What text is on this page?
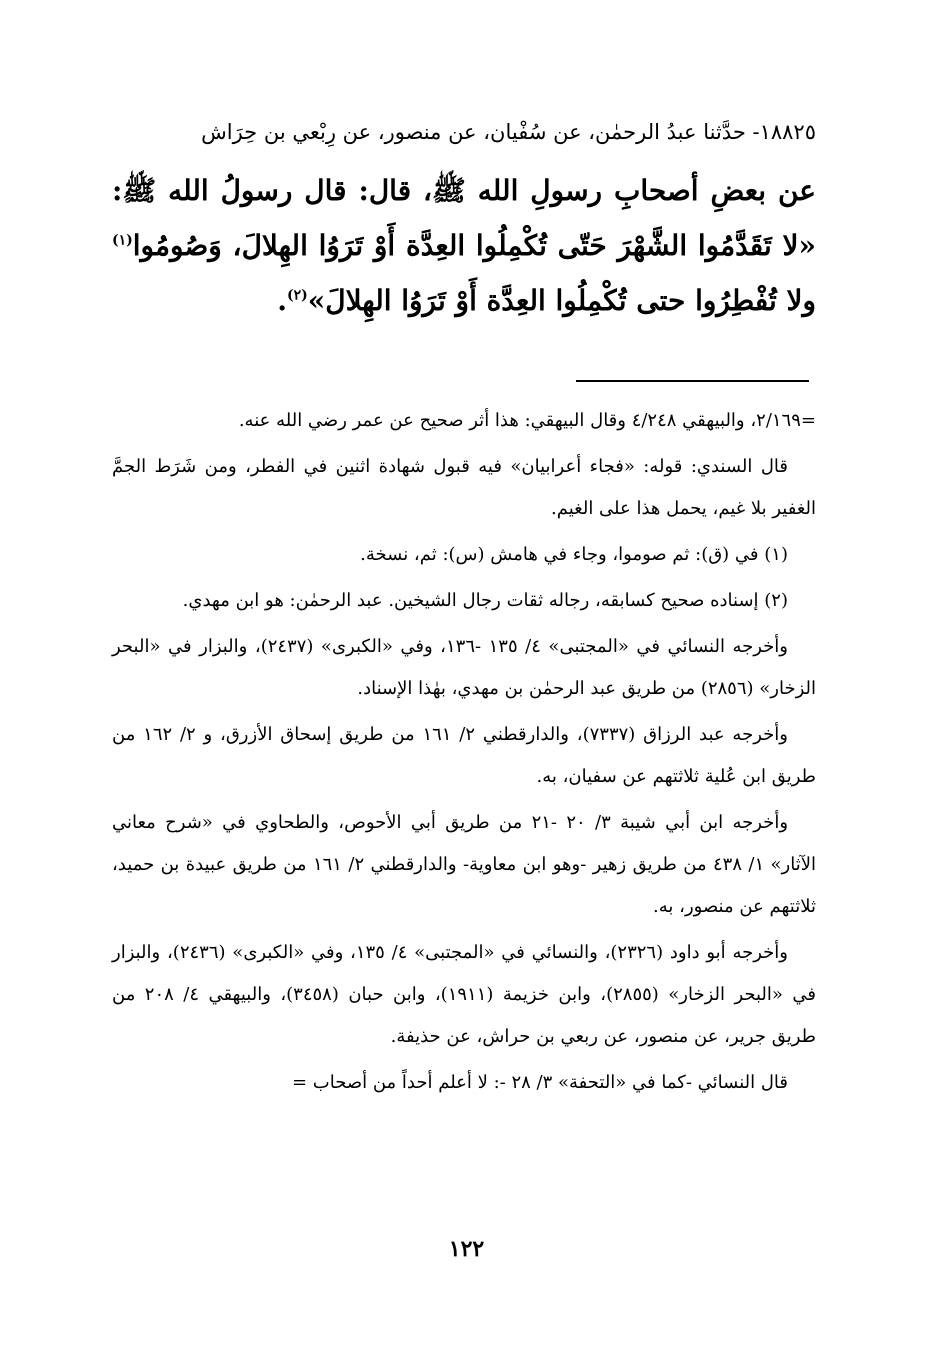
١٨٨٢٥- حدَّثنا عبدُ الرحمٰن، عن سُفْيان، عن منصور، عن رِبْعي بن حِرَاش

عن بعضِ أصحابِ رسولِ الله ﷺ، قال: قال رسولُ الله ﷺ: «لا تَقَدَّمُوا الشَّهْرَ حَتّى تُكْمِلُوا العِدَّة أَوْ تَرَوُا الهِلالَ، وَصُومُوا$^{(١)}$ ولا تُفْطِرُوا حتى تُكْمِلُوا العِدَّة أَوْ تَرَوُا الهِلالَ»$^{(٢)}$.

=٢/١٦٩، والبيهقي ٤/٢٤٨ وقال البيهقي: هذا أثر صحيح عن عمر رضي الله عنه.

قال السندي: قوله: «فجاء أعرابيان» فيه قبول شهادة اثنين في الفطر، ومن شَرَط الجمَّ الغفير بلا غيم، يحمل هذا على الغيم.

(١) في (ق): ثم صوموا، وجاء في هامش (س): ثم، نسخة.

(٢) إسناده صحيح كسابقه، رجاله ثقات رجال الشيخين. عبد الرحمٰن: هو ابن مهدي.

وأخرجه النسائي في «المجتبى» ٤/ ١٣٥ -١٣٦، وفي «الكبرى» (٢٤٣٧)، والبزار في «البحر الزخار» (٢٨٥٦) من طريق عبد الرحمٰن بن مهدي، بهٰذا الإسناد.

وأخرجه عبد الرزاق (٧٣٣٧)، والدارقطني ٢/ ١٦١ من طريق إسحاق الأزرق، و ٢/ ١٦٢ من طريق ابن عُلية ثلاثتهم عن سفيان، به.

وأخرجه ابن أبي شيبة ٣/ ٢٠ -٢١ من طريق أبي الأحوص، والطحاوي في «شرح معاني الآثار» ١/ ٤٣٨ من طريق زهير -وهو ابن معاوية- والدارقطني ٢/ ١٦١ من طريق عبيدة بن حميد، ثلاثتهم عن منصور، به.

وأخرجه أبو داود (٢٣٢٦)، والنسائي في «المجتبى» ٤/ ١٣٥، وفي «الكبرى» (٢٤٣٦)، والبزار في «البحر الزخار» (٢٨٥٥)، وابن خزيمة (١٩١١)، وابن حبان (٣٤٥٨)، والبيهقي ٤/ ٢٠٨ من طريق جرير، عن منصور، عن ربعي بن حراش، عن حذيفة.

قال النسائي -كما في «التحفة» ٣/ ٢٨ -: لا أعلم أحداً من أصحاب =

١٢٢
